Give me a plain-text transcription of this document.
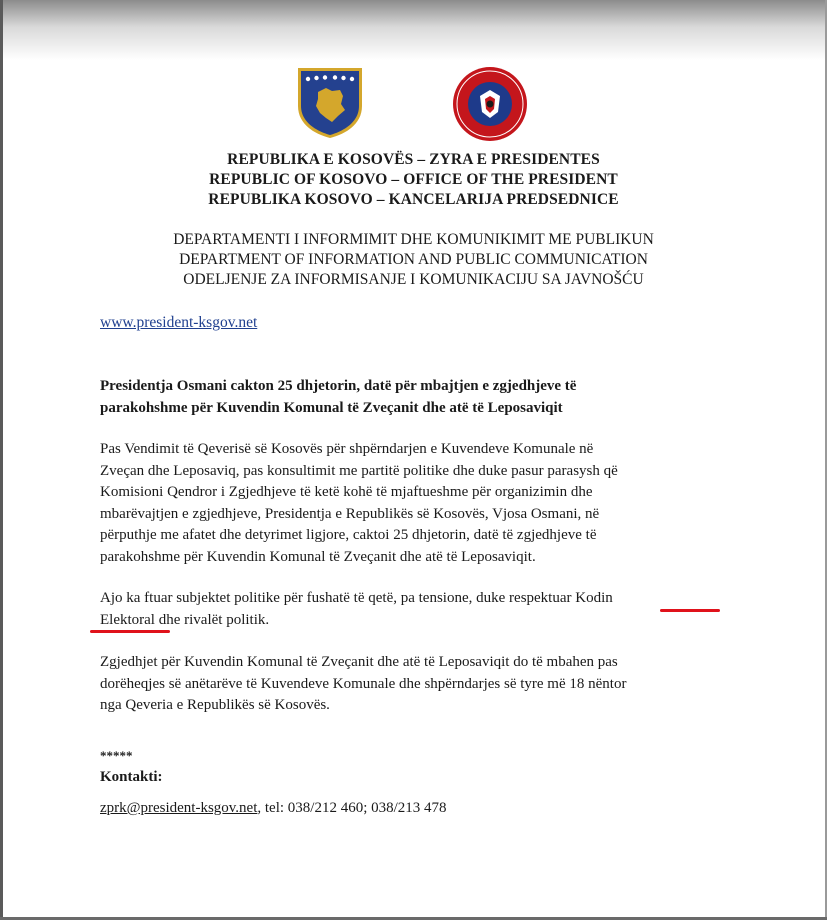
REPUBLIKA E KOSOVËS – ZYRA E PRESIDENTES

REPUBLIC OF KOSOVO – OFFICE OF THE PRESIDENT

REPUBLIKA KOSOVO – KANCELARIJA PREDSEDNICE

DEPARTAMENTI I INFORMIMIT DHE KOMUNIKIMIT ME PUBLIKUN

DEPARTMENT OF INFORMATION AND PUBLIC COMMUNICATION

ODELJENJE ZA INFORMISANJE I KOMUNIKACIJU SA JAVNOŠĆU

www.president-ksgov.net

Presidentja Osmani cakton 25 dhjetorin, datë për mbajtjen e zgjedhjeve të

parakohshme për Kuvendin Komunal të Zveçanit dhe atë të Leposaviqit

Pas Vendimit të Qeverisë së Kosovës për shpërndarjen e Kuvendeve Komunale në

Zveçan dhe Leposaviq, pas konsultimit me partitë politike dhe duke pasur parasysh që

Komisioni Qendror i Zgjedhjeve të ketë kohë të mjaftueshme për organizimin dhe

mbarëvajtjen e zgjedhjeve, Presidentja e Republikës së Kosovës, Vjosa Osmani, në

përputhje me afatet dhe detyrimet ligjore, caktoi 25 dhjetorin, datë të zgjedhjeve të

parakohshme për Kuvendin Komunal të Zveçanit dhe atë të Leposaviqit.

Ajo ka ftuar subjektet politike për fushatë të qetë, pa tensione, duke respektuar Kodin

Elektoral dhe rivalët politik.

Zgjedhjet për Kuvendin Komunal të Zveçanit dhe atë të Leposaviqit do të mbahen pas

dorëheqjes së anëtarëve të Kuvendeve Komunale dhe shpërndarjes së tyre më 18 nëntor

nga Qeveria e Republikës së Kosovës.

*****
Kontakti:
zprk@president-ksgov.net, tel: 038/212 460; 038/213 478
